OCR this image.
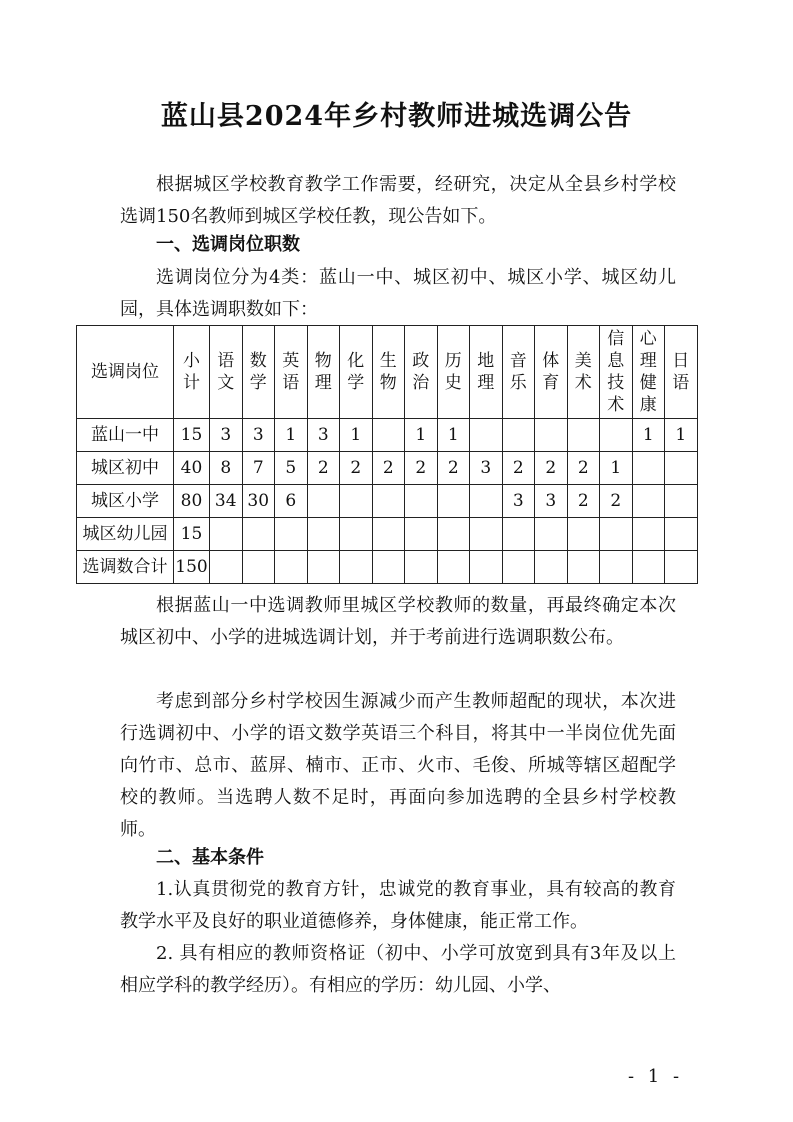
蓝山县2024年乡村教师进城选调公告

根据城区学校教育教学工作需要，经研究，决定从全县乡村学校选调150名教师到城区学校任教，现公告如下。

一、选调岗位职数

选调岗位分为4类：蓝山一中、城区初中、城区小学、城区幼儿园，具体选调职数如下：

选调岗位	小计	语文	数学	英语	物理	化学	生物	政治	历史	地理	音乐	体育	美术	信息技术	心理健康	日语
蓝山一中	15	3	3	1	3	1		1	1						1	1
城区初中	40	8	7	5	2	2	2	2	2	3	2	2	2	1		
城区小学	80	34	30	6							3	3	2	2		
城区幼儿园	15															
选调数合计	150															

根据蓝山一中选调教师里城区学校教师的数量，再最终确定本次城区初中、小学的进城选调计划，并于考前进行选调职数公布。

考虑到部分乡村学校因生源减少而产生教师超配的现状，本次进行选调初中、小学的语文数学英语三个科目，将其中一半岗位优先面向竹市、总市、蓝屏、楠市、正市、火市、毛俊、所城等辖区超配学校的教师。当选聘人数不足时，再面向参加选聘的全县乡村学校教师。

二、基本条件

1.认真贯彻党的教育方针，忠诚党的教育事业，具有较高的教育教学水平及良好的职业道德修养，身体健康，能正常工作。

2. 具有相应的教师资格证（初中、小学可放宽到具有3年及以上相应学科的教学经历）。有相应的学历：幼儿园、小学、

- 1 -
